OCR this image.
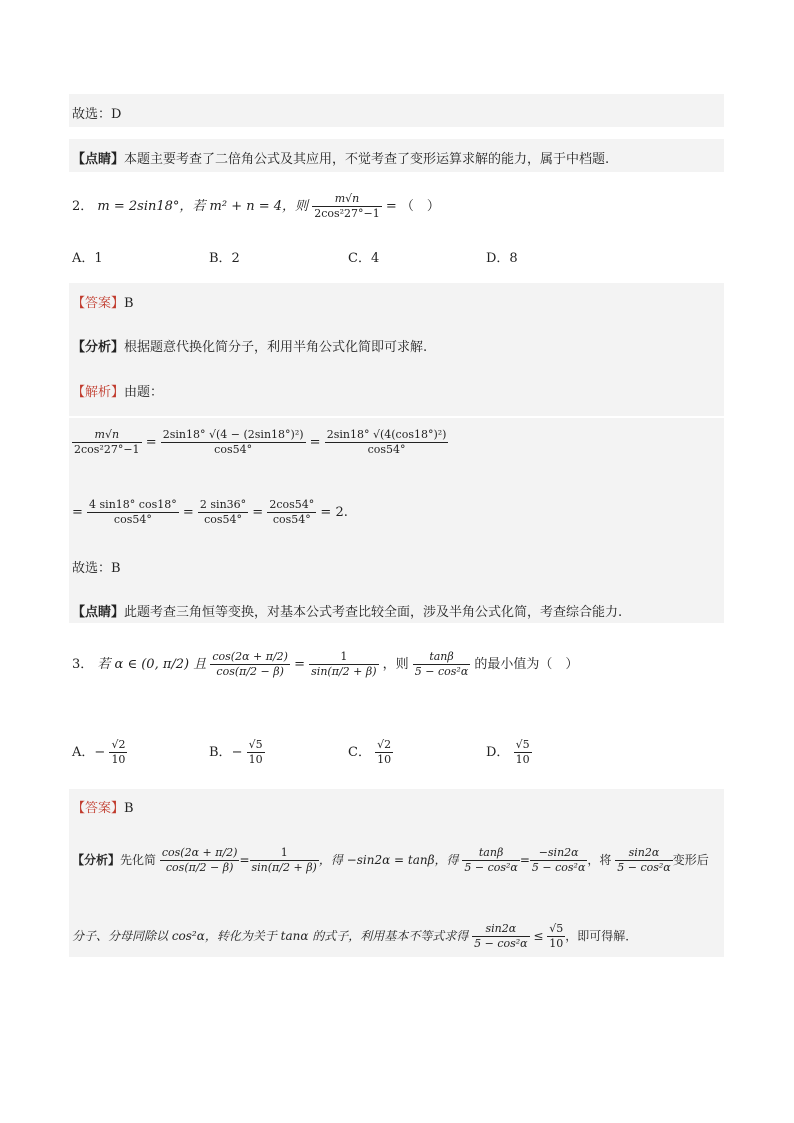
故选：D
【点睛】本题主要考查了二倍角公式及其应用，不觉考查了变形运算求解的能力，属于中档题.
2． m = 2sin18°，若 m² + n = 4，则 $\frac{m√n}{\text{2cos²27°−1}}$ = （　）
A．1	B．2	C．4	D．8
【答案】B
【分析】根据题意代换化简分子，利用半角公式化简即可求解.
【解析】由题：
$\frac{m√n}{\text{2cos²27°−1}} = \frac{\text{2sin18° √(4 − (2sin18°)²)}}{\cos 54^\circ} = \frac{\text{2sin18° √(4(cos18°)²)}}{\cos 54^\circ}$
= $\frac{4 \sin 18^\circ \cos 18^\circ}{\cos 54^\circ} = \frac{2 \sin 36^\circ}{\cos 54^\circ} = \frac{2\cos 54^\circ}{\cos 54^\circ} = 2$.
故选：B
【点睛】此题考查三角恒等变换，对基本公式考查比较全面，涉及半角公式化简，考查综合能力.
3． 若 α ∈ (0, π/2) 且 $\frac{\cos(2\alpha + \pi/2)}{\cos(\pi/2 - \beta)} = \frac{1}{\sin(\pi/2 + \beta)}$ ，则 $\frac{\tan\beta}{\text{5 − cos²α}}$ 的最小值为（　）
A．− $\frac{√2}{10}$	B．− $\frac{√5}{10}$	C． $\frac{√2}{10}$	D． $\frac{√5}{10}$
【答案】B
【分析】先化简 $\frac{\cos(2\alpha + \pi/2)}{\cos(\pi/2 - \beta)} = \frac{1}{\sin(\pi/2 + \beta)}$ ，得 −sin2α = tanβ，得 $\frac{\tan\beta}{\text{5 − cos²α}} = \frac{-\sin 2\alpha}{\text{5 − cos²α}}$ ，将 $\frac{\sin 2\alpha}{\text{5 − cos²α}}$ 变形后
分子、分母同除以 cos²α，转化为关于 tanα 的式子，利用基本不等式求得 $\frac{\sin 2\alpha}{\text{5 − cos²α}} \le \frac{√5}{10}$ ，即可得解．
